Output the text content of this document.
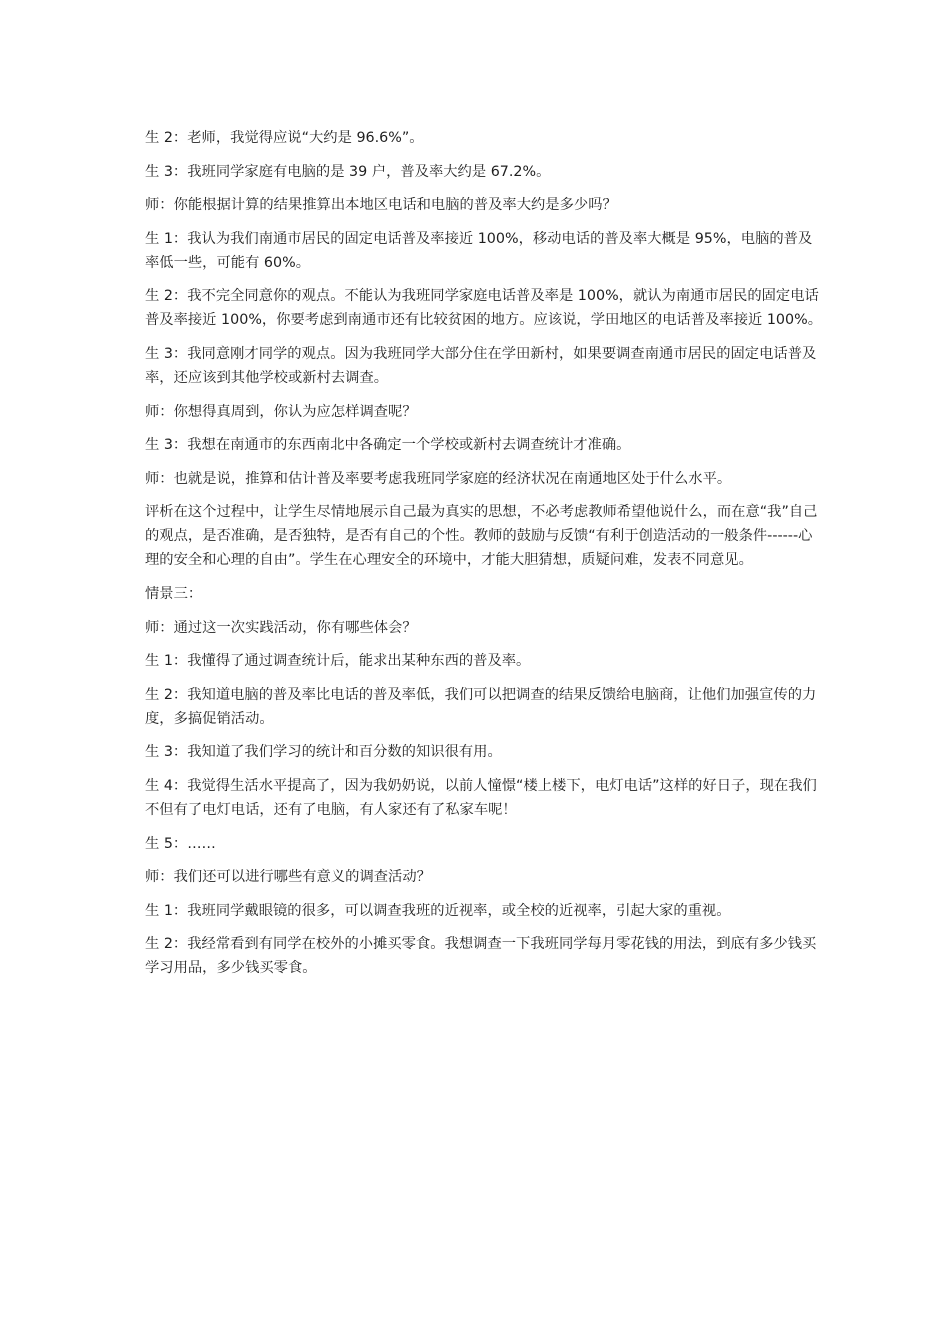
生 2：老师，我觉得应说“大约是 96.6%”。

生 3：我班同学家庭有电脑的是 39 户，普及率大约是 67.2%。

师：你能根据计算的结果推算出本地区电话和电脑的普及率大约是多少吗？

生 1：我认为我们南通市居民的固定电话普及率接近 100%，移动电话的普及率大概是 95%，电脑的普及率低一些，可能有 60%。

生 2：我不完全同意你的观点。不能认为我班同学家庭电话普及率是 100%，就认为南通市居民的固定电话普及率接近 100%，你要考虑到南通市还有比较贫困的地方。应该说，学田地区的电话普及率接近 100%。

生 3：我同意刚才同学的观点。因为我班同学大部分住在学田新村，如果要调查南通市居民的固定电话普及率，还应该到其他学校或新村去调查。

师：你想得真周到，你认为应怎样调查呢？

生 3：我想在南通市的东西南北中各确定一个学校或新村去调查统计才准确。

师：也就是说，推算和估计普及率要考虑我班同学家庭的经济状况在南通地区处于什么水平。

评析在这个过程中，让学生尽情地展示自己最为真实的思想，不必考虑教师希望他说什么，而在意“我”自己的观点，是否准确，是否独特，是否有自己的个性。教师的鼓励与反馈“有利于创造活动的一般条件------心理的安全和心理的自由”。学生在心理安全的环境中，才能大胆猜想，质疑问难，发表不同意见。

情景三：

师：通过这一次实践活动，你有哪些体会？

生 1：我懂得了通过调查统计后，能求出某种东西的普及率。

生 2：我知道电脑的普及率比电话的普及率低，我们可以把调查的结果反馈给电脑商，让他们加强宣传的力度，多搞促销活动。

生 3：我知道了我们学习的统计和百分数的知识很有用。

生 4：我觉得生活水平提高了，因为我奶奶说，以前人憧憬“楼上楼下，电灯电话”这样的好日子，现在我们不但有了电灯电话，还有了电脑，有人家还有了私家车呢！

生 5：……

师：我们还可以进行哪些有意义的调查活动？

生 1：我班同学戴眼镜的很多，可以调查我班的近视率，或全校的近视率，引起大家的重视。

生 2：我经常看到有同学在校外的小摊买零食。我想调查一下我班同学每月零花钱的用法，到底有多少钱买学习用品，多少钱买零食。
